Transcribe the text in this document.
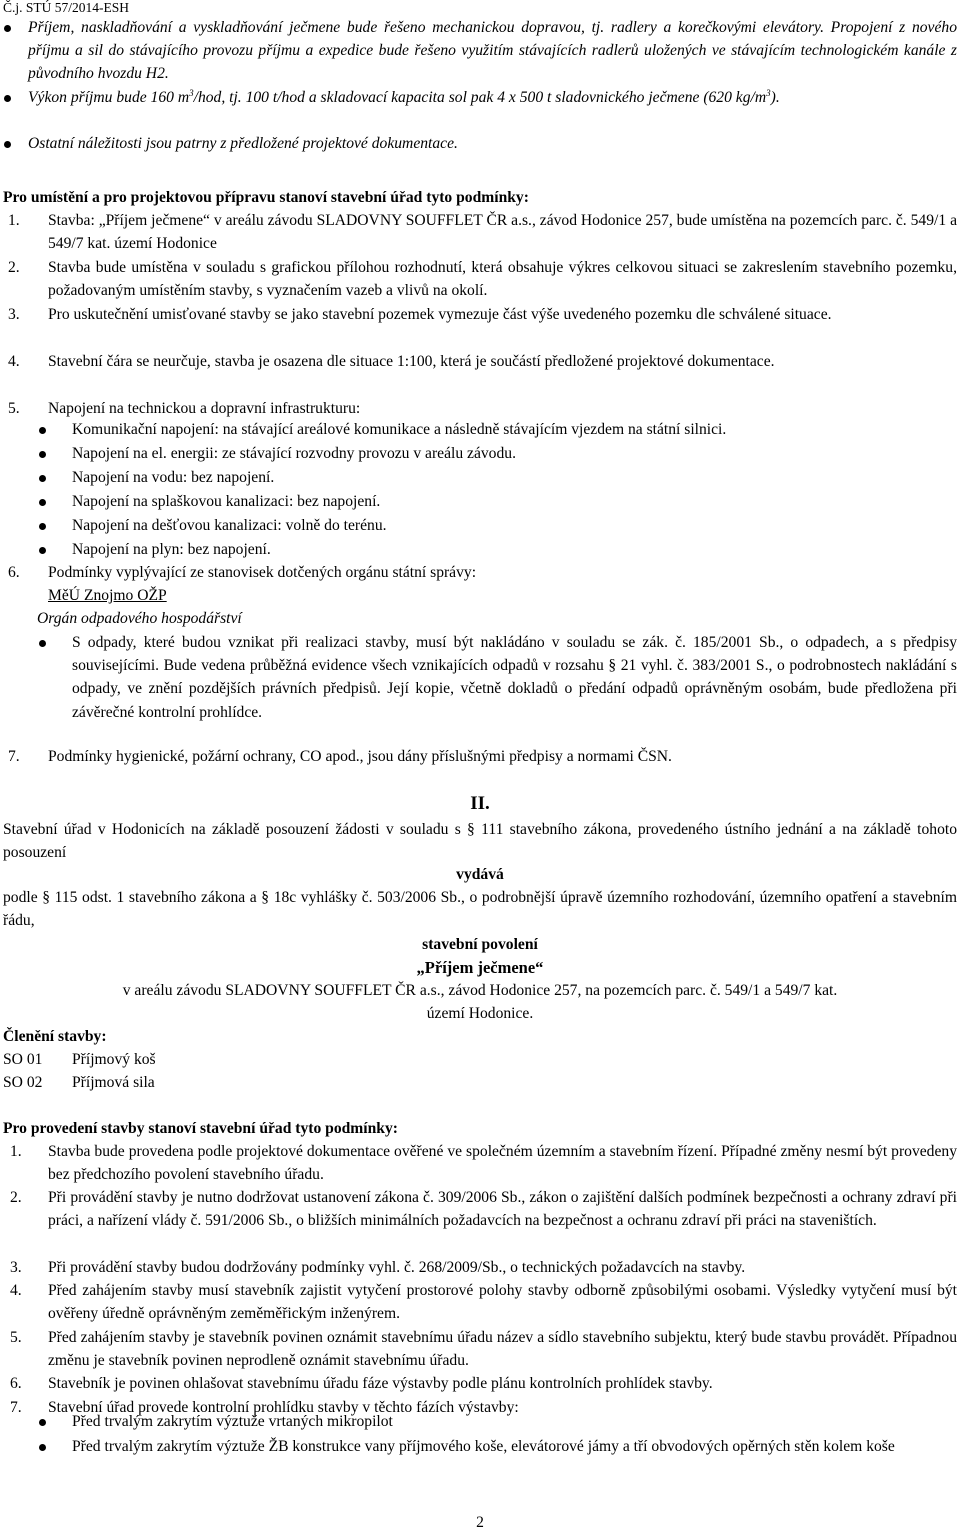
Č.j. STÚ 57/2014-ESH
Příjem, naskladňování a vyskladňování ječmene bude řešeno mechanickou dopravou, tj. radlery a korečkovými elevátory. Propojení z nového příjmu a sil do stávajícího provozu příjmu a expedice bude řešeno využitím stávajících radlerů uložených ve stávajícím technologickém kanále z původního hvozdu H2.
Výkon příjmu bude 160 $m^3$/hod, tj. 100 t/hod a skladovací kapacita sol pak 4 x 500 t sladovnického ječmene (620 $kg/m^3$).
Ostatní náležitosti jsou patrny z předložené projektové dokumentace.
Pro umístění a pro projektovou přípravu stanoví stavební úřad tyto podmínky:
1. Stavba: „Příjem ječmene“ v areálu závodu SLADOVNY SOUFFLET ČR a.s., závod Hodonice 257, bude umístěna na pozemcích parc. č. 549/1 a 549/7 kat. území Hodonice
2. Stavba bude umístěna v souladu s grafickou přílohou rozhodnutí, která obsahuje výkres celkovou situaci se zakreslením stavebního pozemku, požadovaným umístěním stavby, s vyznačením vazeb a vlivů na okolí.
3. Pro uskutečnění umisťované stavby se jako stavební pozemek vymezuje část výše uvedeného pozemku dle schválené situace.
4. Stavební čára se neurčuje, stavba je osazena dle situace 1:100, která je součástí předložené projektové dokumentace.
5. Napojení na technickou a dopravní infrastrukturu:
Komunikační napojení: na stávající areálové komunikace a následně stávajícím vjezdem na státní silnici.
Napojení na el. energii: ze stávající rozvodny provozu v areálu závodu.
Napojení na vodu: bez napojení.
Napojení na splaškovou kanalizaci: bez napojení.
Napojení na dešťovou kanalizaci: volně do terénu.
Napojení na plyn: bez napojení.
6. Podmínky vyplývající ze stanovisek dotčených orgánu státní správy:
MěÚ Znojmo OŽP
Orgán odpadového hospodářství
S odpady, které budou vznikat při realizaci stavby, musí být nakládáno v souladu se zák. č. 185/2001 Sb., o odpadech, a s předpisy souvisejícími. Bude vedena průběžná evidence všech vznikajících odpadů v rozsahu § 21 vyhl. č. 383/2001 S., o podrobnostech nakládání s odpady, ve znění pozdějších právních předpisů. Její kopie, včetně dokladů o předání odpadů oprávněným osobám, bude předložena při závěrečné kontrolní prohlídce.
7. Podmínky hygienické, požární ochrany, CO apod., jsou dány příslušnými předpisy a normami ČSN.
II.
Stavební úřad v Hodonicích na základě posouzení žádosti v souladu s § 111 stavebního zákona, provedeného ústního jednání a na základě tohoto posouzení
vydává
podle § 115 odst. 1 stavebního zákona a § 18c vyhlášky č. 503/2006 Sb., o podrobnější úpravě územního rozhodování, územního opatření a stavebním řádu,
stavební povolení
„Příjem ječmene“
v areálu závodu SLADOVNY SOUFFLET ČR a.s., závod Hodonice 257, na pozemcích parc. č. 549/1 a 549/7 kat.
území Hodonice.
Členění stavby:
SO 01 Příjmový koš
SO 02 Příjmová sila
Pro provedení stavby stanoví stavební úřad tyto podmínky:
1. Stavba bude provedena podle projektové dokumentace ověřené ve společném územním a stavebním řízení. Případné změny nesmí být provedeny bez předchozího povolení stavebního úřadu.
2. Při provádění stavby je nutno dodržovat ustanovení zákona č. 309/2006 Sb., zákon o zajištění dalších podmínek bezpečnosti a ochrany zdraví při práci, a nařízení vlády č. 591/2006 Sb., o bližších minimálních požadavcích na bezpečnost a ochranu zdraví při práci na staveništích.
3. Při provádění stavby budou dodržovány podmínky vyhl. č. 268/2009/Sb., o technických požadavcích na stavby.
4. Před zahájením stavby musí stavebník zajistit vytyčení prostorové polohy stavby odborně způsobilými osobami. Výsledky vytyčení musí být ověřeny úředně oprávněným zeměměřickým inženýrem.
5. Před zahájením stavby je stavebník povinen oznámit stavebnímu úřadu název a sídlo stavebního subjektu, který bude stavbu provádět. Případnou změnu je stavebník povinen neprodleně oznámit stavebnímu úřadu.
6. Stavebník je povinen ohlašovat stavebnímu úřadu fáze výstavby podle plánu kontrolních prohlídek stavby.
7. Stavební úřad provede kontrolní prohlídku stavby v těchto fázích výstavby:
Před trvalým zakrytím výztuže vrtaných mikropilot
Před trvalým zakrytím výztuže ŽB konstrukce vany příjmového koše, elevátorové jámy a tří obvodových opěrných stěn kolem koše
2
